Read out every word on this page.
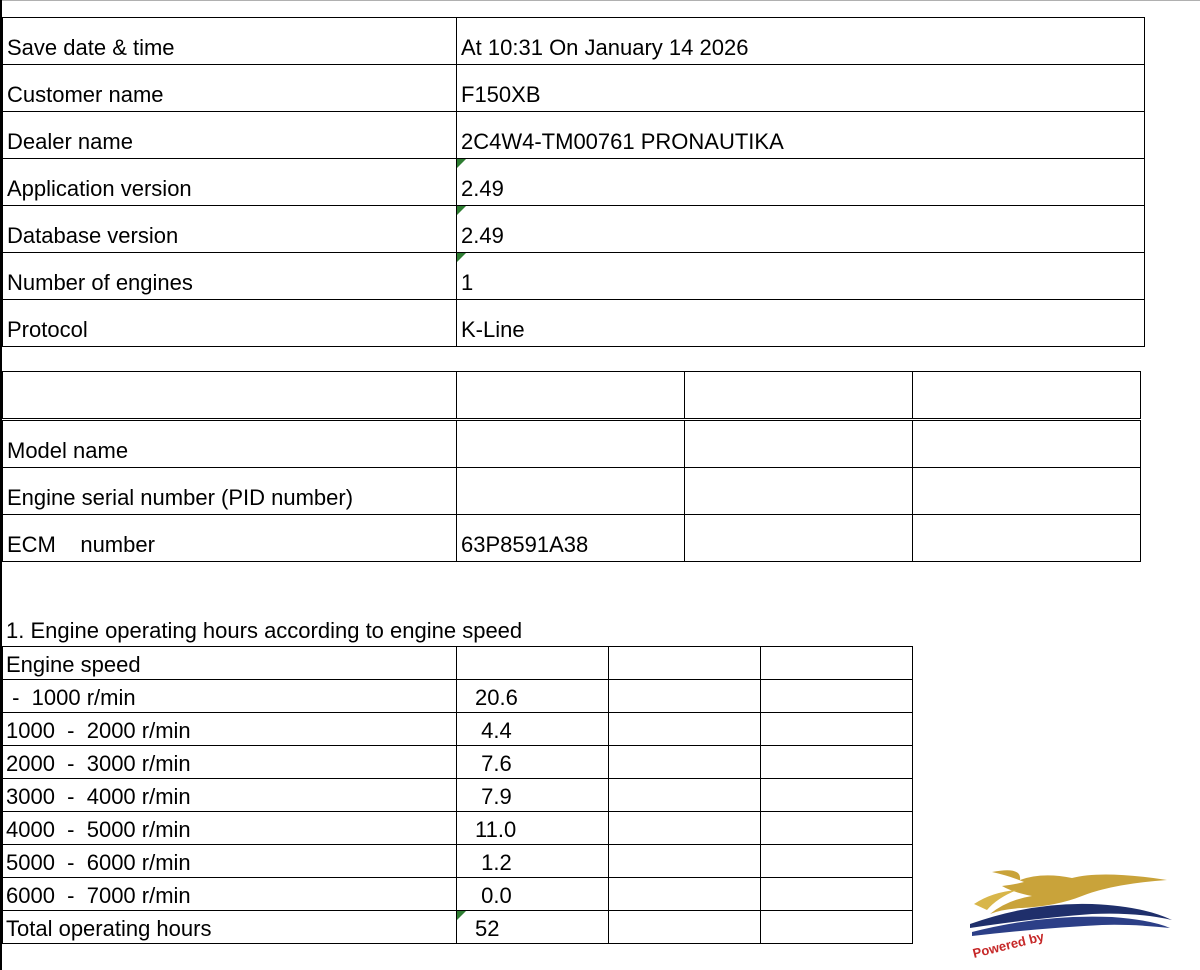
Save date & time	At 10:31 On January 14 2026
Customer name	F150XB
Dealer name	2C4W4-TM00761 PRONAUTIKA
Application version	2.49
Database version	2.49
Number of engines	1
Protocol	K-Line

Model name			
Engine serial number (PID number)			
ECM    number	63P8591A38		
1. Engine operating hours according to engine speed
Engine speed			
-  1000 r/min	20.6		
1000  -  2000 r/min	4.4		
2000  -  3000 r/min	7.6		
3000  -  4000 r/min	7.9		
4000  -  5000 r/min	11.0		
5000  -  6000 r/min	1.2		
6000  -  7000 r/min	0.0		
Total operating hours	52		
Powered by
